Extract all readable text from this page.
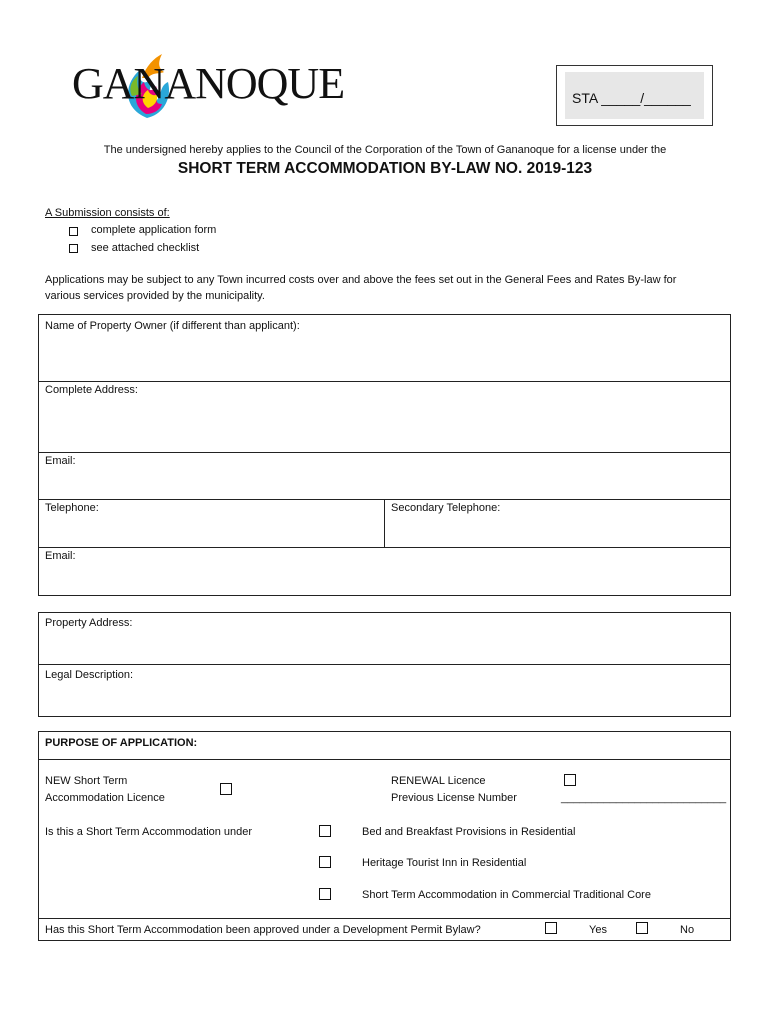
GANANOQUE	STA _____/______
The undersigned hereby applies to the Council of the Corporation of the Town of Gananoque for a license under the
SHORT TERM ACCOMMODATION BY-LAW NO. 2019-123
A Submission consists of:
complete application form
see attached checklist
Applications may be subject to any Town incurred costs over and above the fees set out in the General Fees and Rates By-law for
various services provided by the municipality.
Name of Property Owner (if different than applicant):
Complete Address:
Email:
Telephone:	Secondary Telephone:
Email:
Property Address:
Legal Description:
PURPOSE OF APPLICATION:
NEW Short Term
Accommodation Licence
RENEWAL Licence
Previous License Number	___________________________
Is this a Short Term Accommodation under	Bed and Breakfast Provisions in Residential
Heritage Tourist Inn in Residential
Short Term Accommodation in Commercial Traditional Core
Has this Short Term Accommodation been approved under a Development Permit Bylaw?	Yes	No
